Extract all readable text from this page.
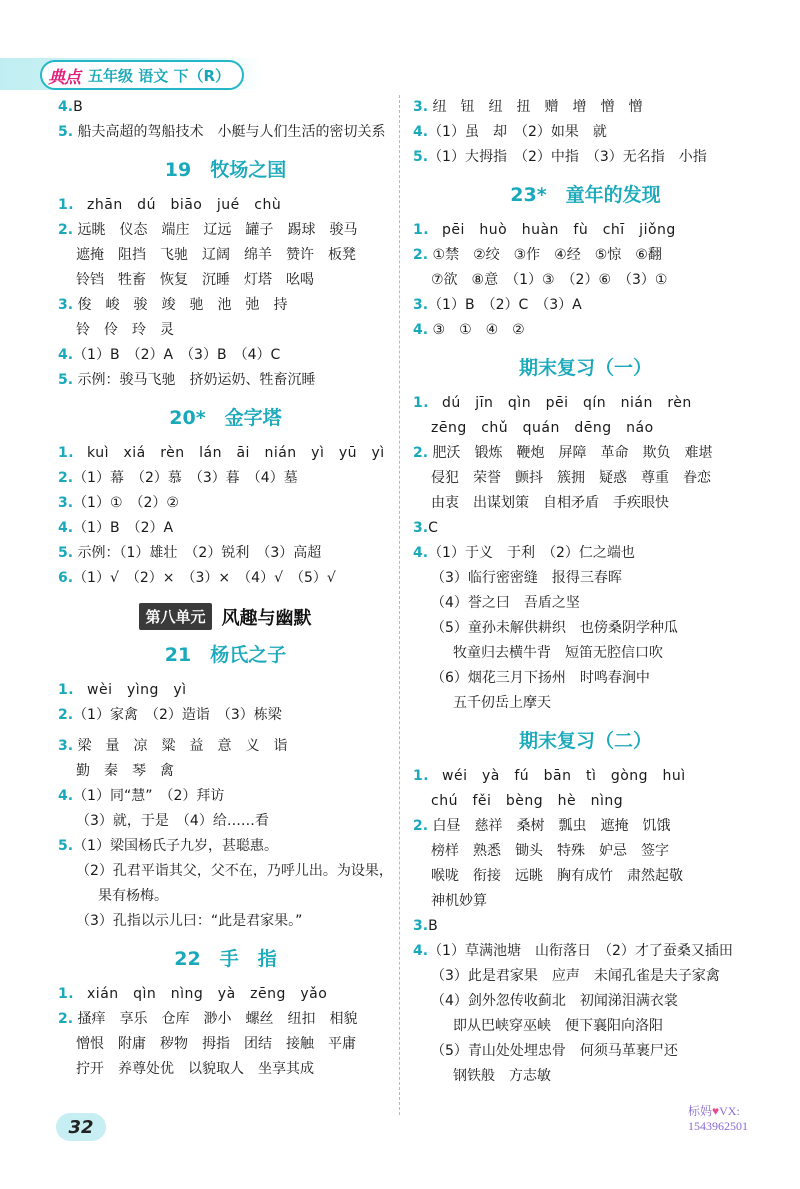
典点 五年级 语文 下（R）
4.B
5. 船夫高超的驾船技术　小艇与人们生活的密切关系
19　牧场之国
1. zhān　dú　biāo　jué　chù
2. 远眺　仪态　端庄　辽远　罐子　踢球　骏马
遮掩　阻挡　飞驰　辽阔　绵羊　赞许　板凳
铃铛　牲畜　恢复　沉睡　灯塔　吆喝
3. 俊　峻　骏　竣　驰　池　弛　持
铃　伶　玲　灵
4.（1）B　（2）A　（3）B　（4）C
5. 示例：骏马飞驰　挤奶运奶、牲畜沉睡
20*　金字塔
1. kuì　xiá　rèn　lán　āi　nián　yì　yū　yì
2.（1）幕　（2）慕　（3）暮　（4）墓
3.（1）①　（2）②
4.（1）B　（2）A
5. 示例：（1）雄壮　（2）锐利　（3）高超
6.（1）√　（2）×　（3）×　（4）√　（5）√
第八单元 风趣与幽默
21　杨氏之子
1. wèi　yìng　yì
2.（1）家禽　（2）造诣　（3）栋梁
3. 梁　量　凉　粱　益　意　义　诣
勤　秦　琴　禽
4.（1）同“慧”　（2）拜访
（3）就，于是　（4）给……看
5.（1）梁国杨氏子九岁，甚聪惠。
（2）孔君平诣其父，父不在，乃呼儿出。为设果，
果有杨梅。
（3）孔指以示儿曰：“此是君家果。”
22　手　指
1. xián　qìn　nìng　yà　zēng　yǎo
2. 搔痒　享乐　仓库　渺小　螺丝　纽扣　相貌
憎恨　附庸　秽物　拇指　团结　接触　平庸
拧开　养尊处优　以貌取人　坐享其成
3. 纽　钮　纽　扭　赠　增　憎　憎
4.（1）虽　却　（2）如果　就
5.（1）大拇指　（2）中指　（3）无名指　小指
23*　童年的发现
1. pēi　huò　huàn　fù　chī　jiǒng
2. ①禁　②绞　③作　④经　⑤惊　⑥翻
⑦欲　⑧意　（1）③　（2）⑥　（3）①
3.（1）B　（2）C　（3）A
4. ③　①　④　②
期末复习（一）
1. dú　jīn　qìn　pēi　qín　nián　rèn
zēng　chǔ　quán　dēng　náo
2. 肥沃　锻炼　鞭炮　屏障　革命　欺负　难堪
侵犯　荣誉　颤抖　簇拥　疑惑　尊重　眷恋
由衷　出谋划策　自相矛盾　手疾眼快
3.C
4.（1）于义　于利　（2）仁之端也
（3）临行密密缝　报得三春晖
（4）誉之曰　吾盾之坚
（5）童孙未解供耕织　也傍桑阴学种瓜
牧童归去横牛背　短笛无腔信口吹
（6）烟花三月下扬州　时鸣春涧中
五千仞岳上摩天
期末复习（二）
1. wéi　yà　fú　bān　tì　gòng　huì
chú　fěi　bèng　hè　nìng
2. 白昼　慈祥　桑树　瓢虫　遮掩　饥饿
榜样　熟悉　锄头　特殊　妒忌　签字
喉咙　衔接　远眺　胸有成竹　肃然起敬
神机妙算
3.B
4.（1）草满池塘　山衔落日　（2）才了蚕桑又插田
（3）此是君家果　应声　未闻孔雀是夫子家禽
（4）剑外忽传收蓟北　初闻涕泪满衣裳
即从巴峡穿巫峡　便下襄阳向洛阳
（5）青山处处埋忠骨　何须马革裹尸还
钢铁般　方志敏
32
标妈♥VX:
1543962501
